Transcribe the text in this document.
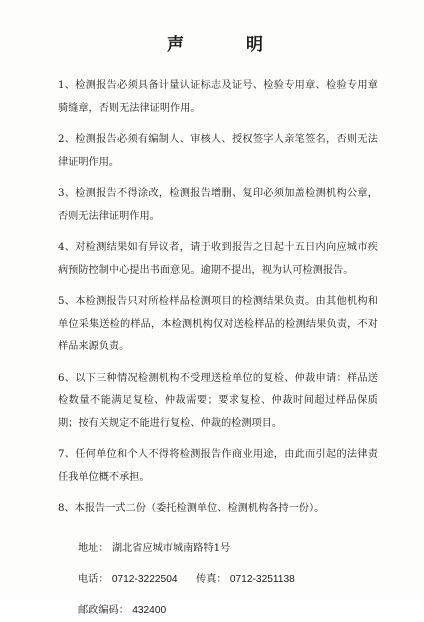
声 明
1、检测报告必须具备计量认证标志及证号、检验专用章、检验专用章骑缝章，否则无法律证明作用。
2、检测报告必须有编制人、审核人、授权签字人亲笔签名，否则无法律证明作用。
3、检测报告不得涂改，检测报告增删、复印必须加盖检测机构公章，否则无法律证明作用。
4、对检测结果如有异议者，请于收到报告之日起十五日内向应城市疾病预防控制中心提出书面意见。逾期不提出，视为认可检测报告。
5、本检测报告只对所检样品检测项目的检测结果负责。由其他机构和单位采集送检的样品，本检测机构仅对送检样品的检测结果负责，不对样品来源负责。
6、以下三种情况检测机构不受理送检单位的复检、仲裁申请：样品送检数量不能满足复检、仲裁需要；要求复检、仲裁时间超过样品保质期；按有关规定不能进行复检、仲裁的检测项目。
7、任何单位和个人不得将检测报告作商业用途，由此而引起的法律责任我单位概不承担。
8、本报告一式二份（委托检测单位、检测机构各持一份）。
地址： 湖北省应城市城南路特1号
电话： 0712-3222504 传真： 0712-3251138
邮政编码： 432400
